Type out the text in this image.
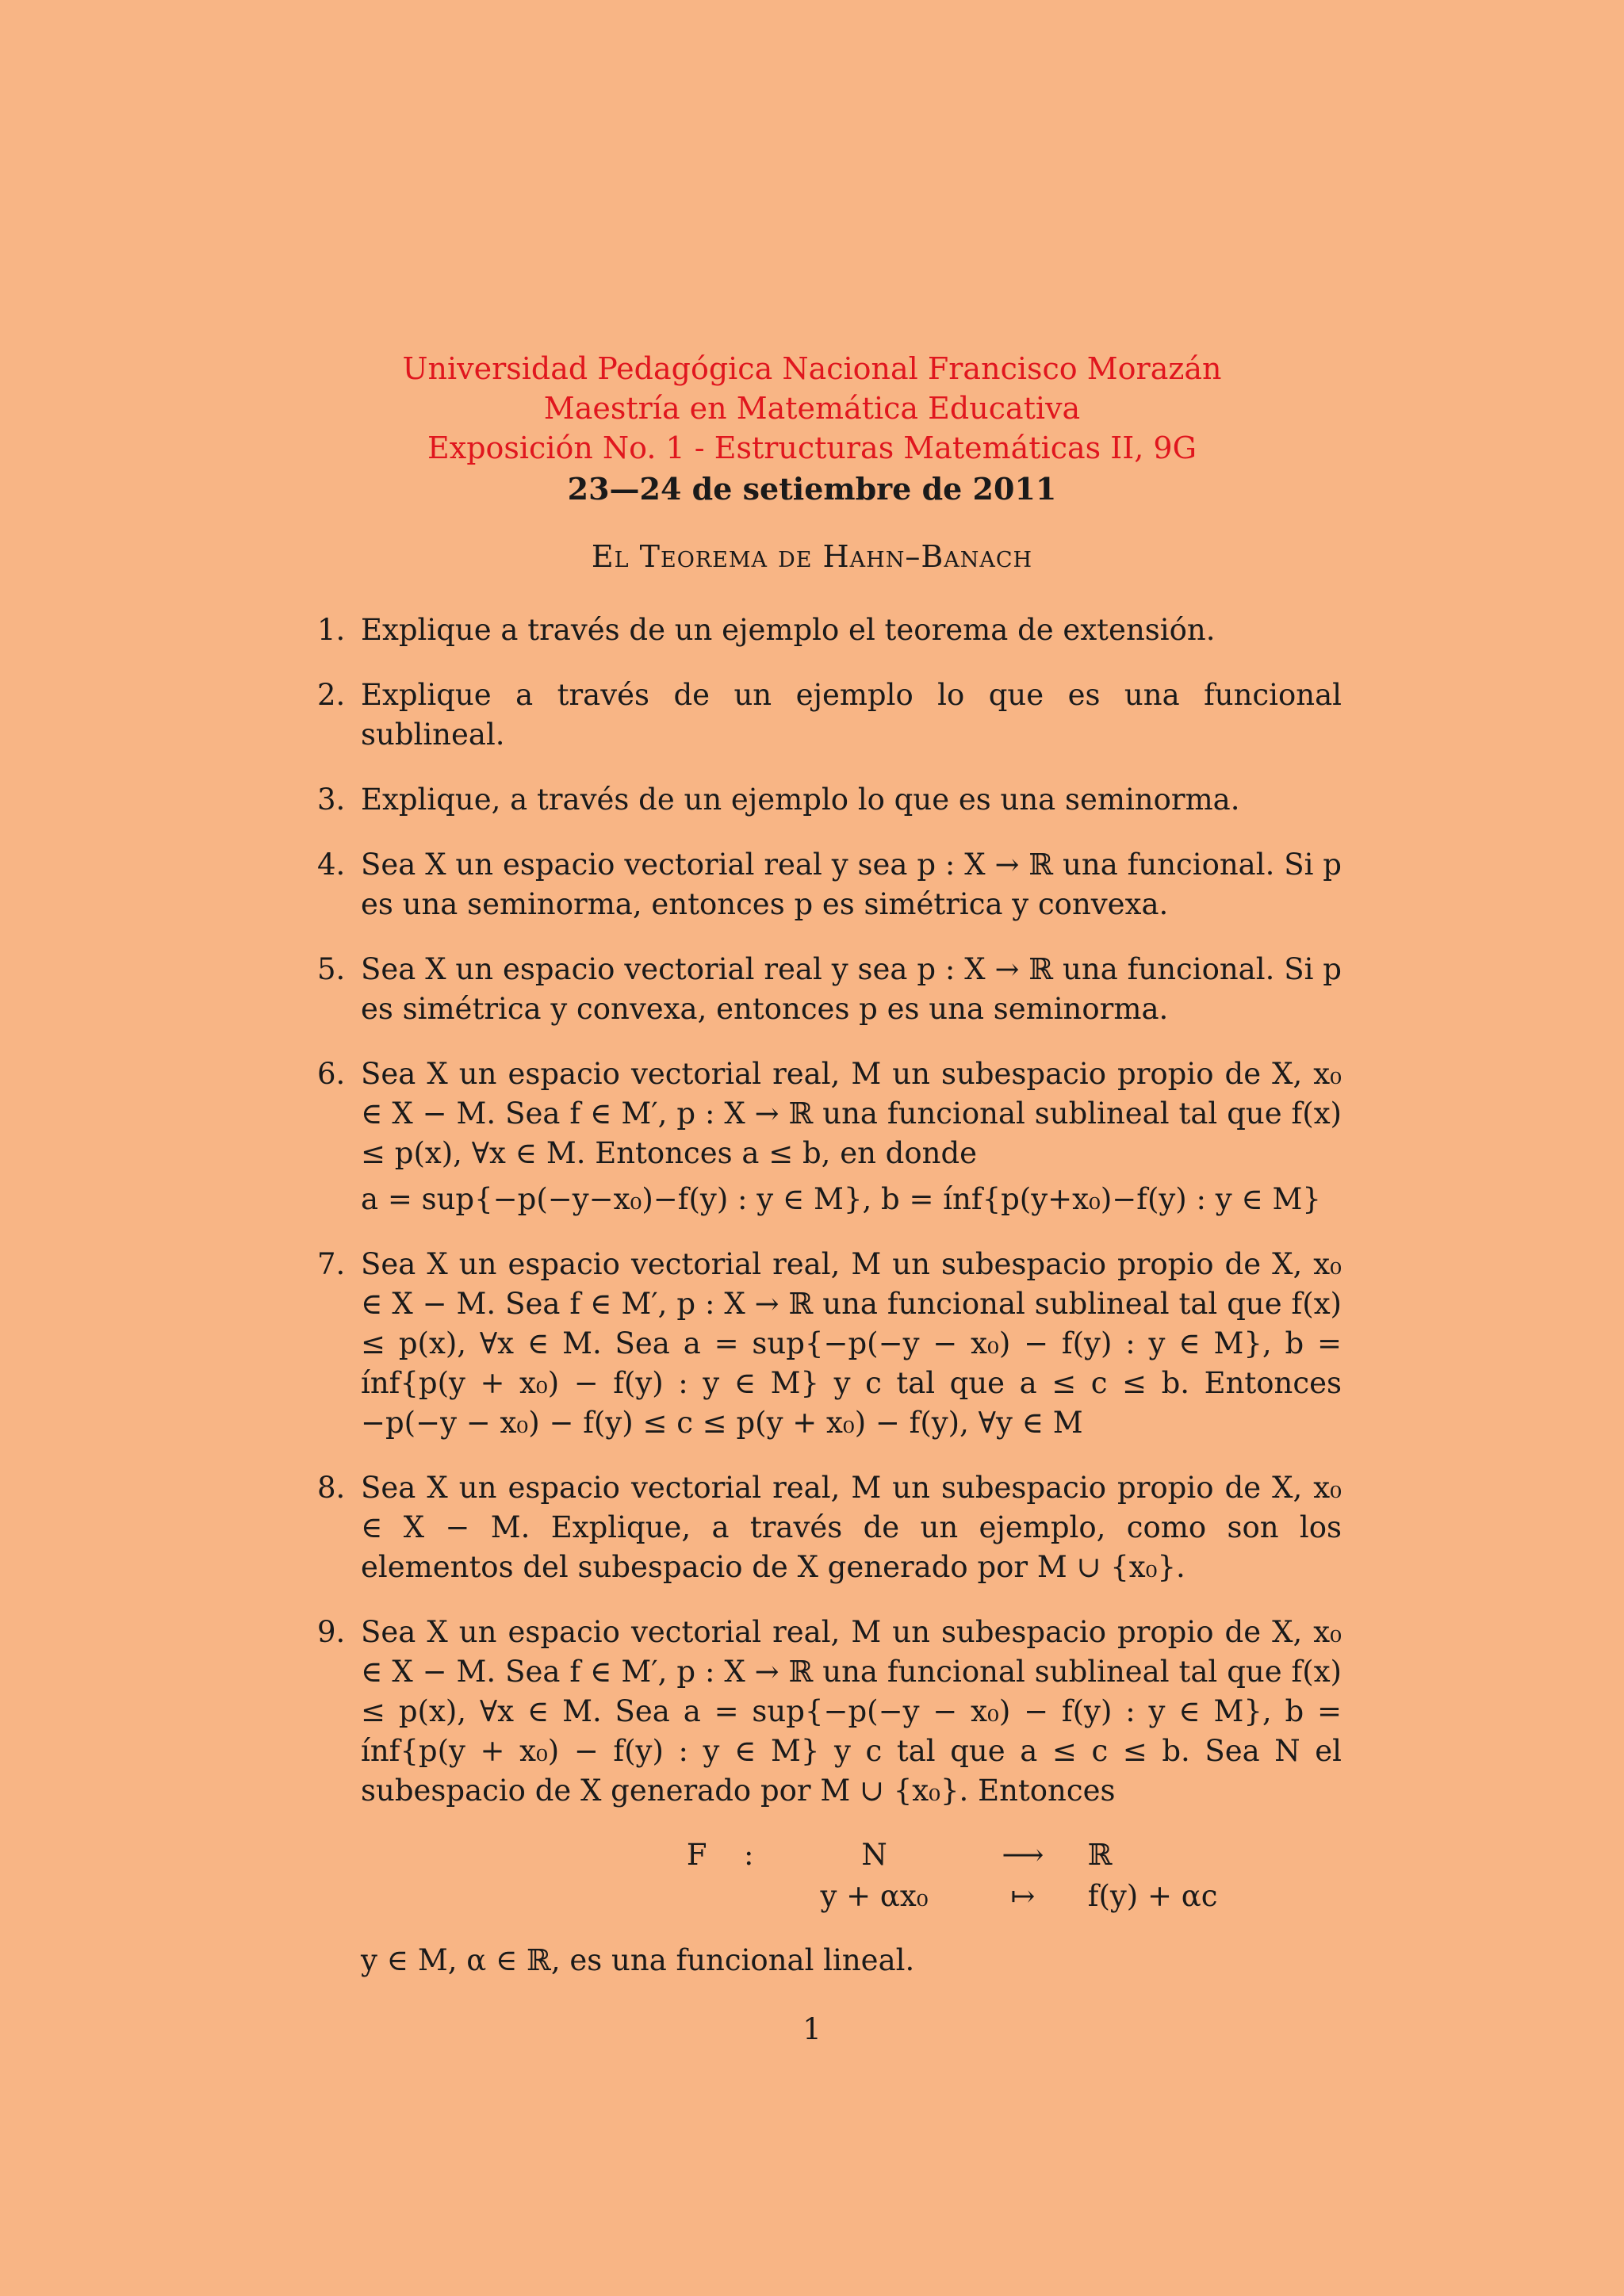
Universidad Pedagógica Nacional Francisco Morazán
Maestría en Matemática Educativa
Exposición No. 1 - Estructuras Matemáticas II, 9G
23—24 de setiembre de 2011
El Teorema de Hahn–Banach
1. Explique a través de un ejemplo el teorema de extensión.
2. Explique a través de un ejemplo lo que es una funcional sublineal.
3. Explique, a través de un ejemplo lo que es una seminorma.
4. Sea X un espacio vectorial real y sea p : X → ℝ una funcional. Si p es una seminorma, entonces p es simétrica y convexa.
5. Sea X un espacio vectorial real y sea p : X → ℝ una funcional. Si p es simétrica y convexa, entonces p es una seminorma.
6. Sea X un espacio vectorial real, M un subespacio propio de X, x₀ ∈ X − M. Sea f ∈ M′, p : X → ℝ una funcional sublineal tal que f(x) ≤ p(x), ∀x ∈ M. Entonces a ≤ b, en donde
a = sup{−p(−y−x₀)−f(y) : y ∈ M}, b = ínf{p(y+x₀)−f(y) : y ∈ M}
7. Sea X un espacio vectorial real, M un subespacio propio de X, x₀ ∈ X − M. Sea f ∈ M′, p : X → ℝ una funcional sublineal tal que f(x) ≤ p(x), ∀x ∈ M. Sea a = sup{−p(−y − x₀) − f(y) : y ∈ M}, b = ínf{p(y + x₀) − f(y) : y ∈ M} y c tal que a ≤ c ≤ b. Entonces −p(−y − x₀) − f(y) ≤ c ≤ p(y + x₀) − f(y), ∀y ∈ M
8. Sea X un espacio vectorial real, M un subespacio propio de X, x₀ ∈ X − M. Explique, a través de un ejemplo, como son los elementos del subespacio de X generado por M ∪ {x₀}.
9. Sea X un espacio vectorial real, M un subespacio propio de X, x₀ ∈ X − M. Sea f ∈ M′, p : X → ℝ una funcional sublineal tal que f(x) ≤ p(x), ∀x ∈ M. Sea a = sup{−p(−y − x₀) − f(y) : y ∈ M}, b = ínf{p(y + x₀) − f(y) : y ∈ M} y c tal que a ≤ c ≤ b. Sea N el subespacio de X generado por M ∪ {x₀}. Entonces
	F	:	N	⟶	ℝ	
			y + αx₀	↦	f(y) + αc	
y ∈ M, α ∈ ℝ, es una funcional lineal.
1
